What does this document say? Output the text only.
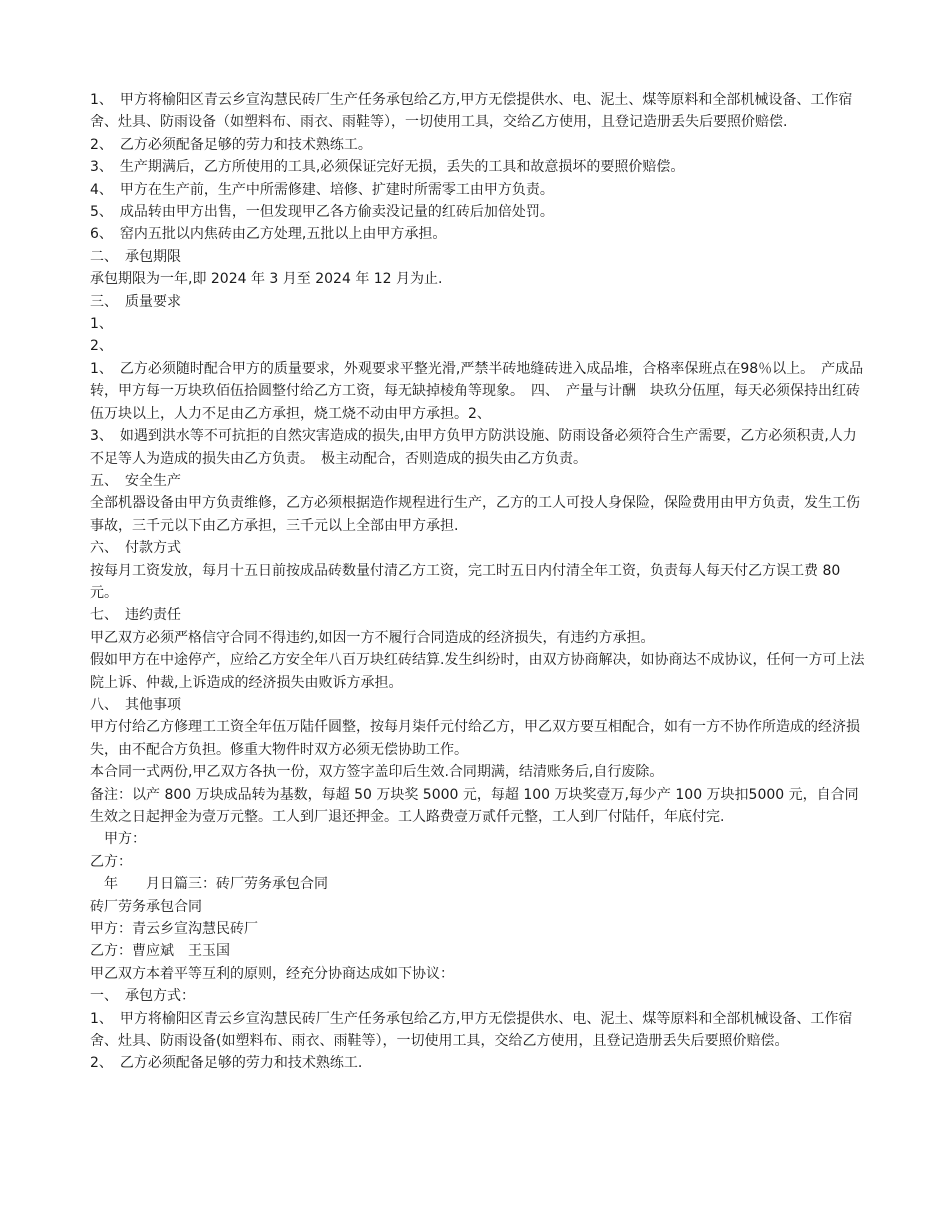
1、　甲方将榆阳区青云乡宣沟慧民砖厂生产任务承包给乙方,甲方无偿提供水、电、泥土、煤等原料和全部机械设备、工作宿舍、灶具、防雨设备（如塑料布、雨衣、雨鞋等），一切使用工具，交给乙方使用，且登记造册丢失后要照价赔偿.

2、　乙方必须配备足够的劳力和技术熟练工。

3、　生产期满后，乙方所使用的工具,必须保证完好无损，丢失的工具和故意损坏的要照价赔偿。

4、　甲方在生产前，生产中所需修建、培修、扩建时所需零工由甲方负责。

5、　成品转由甲方出售，一但发现甲乙各方偷卖没记量的红砖后加倍处罚。

6、　窑内五批以内焦砖由乙方处理,五批以上由甲方承担。

二、　承包期限

承包期限为一年,即 2024 年 3 月至 2024 年 12 月为止.

三、　质量要求

1、

2、

1、　乙方必须随时配合甲方的质量要求，外观要求平整光滑,严禁半砖地缝砖进入成品堆，合格率保班点在98％以上。　产成品转，甲方每一万块玖佰伍拾圆整付给乙方工资，每无缺掉棱角等现象。　四、　产量与计酬　块玖分伍厘，每天必须保持出红砖伍万块以上，人力不足由乙方承担，烧工烧不动由甲方承担。2、

3、　如遇到洪水等不可抗拒的自然灾害造成的损失,由甲方负甲方防洪设施、防雨设备必须符合生产需要，乙方必须积责,人力不足等人为造成的损失由乙方负责。　极主动配合，否则造成的损失由乙方负责。

五、　安全生产

全部机器设备由甲方负责维修，乙方必须根据造作规程进行生产，乙方的工人可投人身保险，保险费用由甲方负责，发生工伤事故，三千元以下由乙方承担，三千元以上全部由甲方承担.

六、　付款方式

按每月工资发放，每月十五日前按成品砖数量付清乙方工资，完工时五日内付清全年工资，负责每人每天付乙方误工费 80 元。

七、　违约责任

甲乙双方必须严格信守合同不得违约,如因一方不履行合同造成的经济损失，有违约方承担。

假如甲方在中途停产，应给乙方安全年八百万块红砖结算.发生纠纷时，由双方协商解决，如协商达不成协议，任何一方可上法院上诉、仲裁,上诉造成的经济损失由败诉方承担。

八、　其他事项

甲方付给乙方修理工工资全年伍万陆仟圆整，按每月柒仟元付给乙方，甲乙双方要互相配合，如有一方不协作所造成的经济损失，由不配合方负担。修重大物件时双方必须无偿协助工作。

本合同一式两份,甲乙双方各执一份，双方签字盖印后生效.合同期满，结清账务后,自行废除。

备注：以产 800 万块成品转为基数，每超 50 万块奖 5000 元，每超 100 万块奖壹万,每少产 100 万块扣5000 元，自合同生效之日起押金为壹万元整。工人到厂退还押金。工人路费壹万贰仟元整，工人到厂付陆仟，年底付完.

　甲方：

乙方：

　年　　月日篇三：砖厂劳务承包合同

砖厂劳务承包合同

甲方：青云乡宣沟慧民砖厂

乙方：曹应斌　王玉国

甲乙双方本着平等互利的原则，经充分协商达成如下协议：

一、　承包方式：

1、　甲方将榆阳区青云乡宣沟慧民砖厂生产任务承包给乙方,甲方无偿提供水、电、泥土、煤等原料和全部机械设备、工作宿舍、灶具、防雨设备(如塑料布、雨衣、雨鞋等），一切使用工具，交给乙方使用，且登记造册丢失后要照价赔偿。

2、　乙方必须配备足够的劳力和技术熟练工.
